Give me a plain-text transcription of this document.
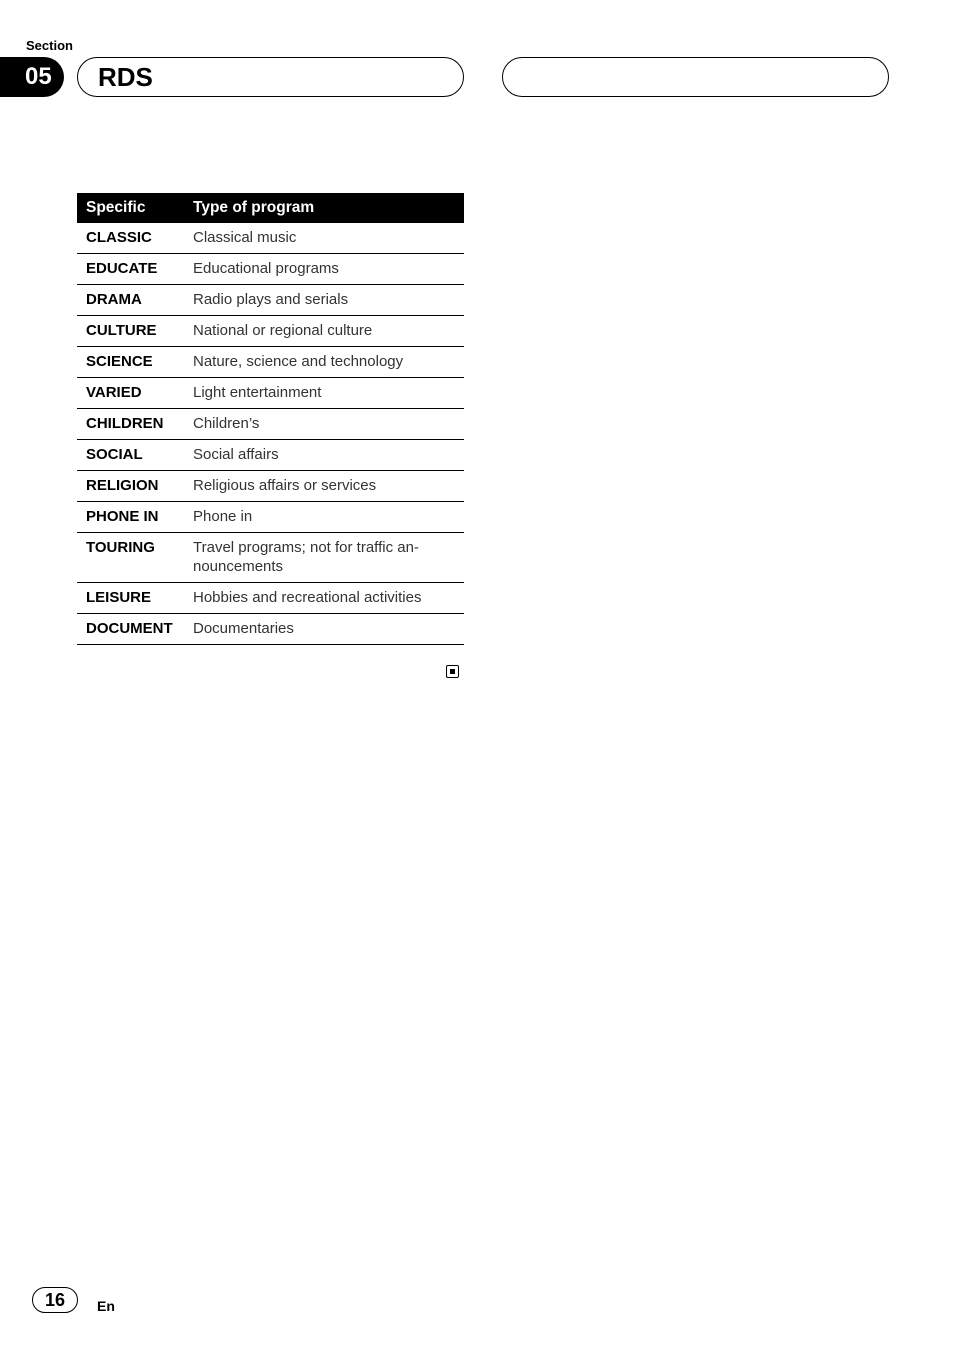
Section
05	RDS
Specific	Type of program
CLASSIC	Classical music
EDUCATE	Educational programs
DRAMA	Radio plays and serials
CULTURE	National or regional culture
SCIENCE	Nature, science and technology
VARIED	Light entertainment
CHILDREN	Children’s
SOCIAL	Social affairs
RELIGION	Religious affairs or services
PHONE IN	Phone in
TOURING	Travel programs; not for traffic an-nouncements
LEISURE	Hobbies and recreational activities
DOCUMENT	Documentaries
16	En
